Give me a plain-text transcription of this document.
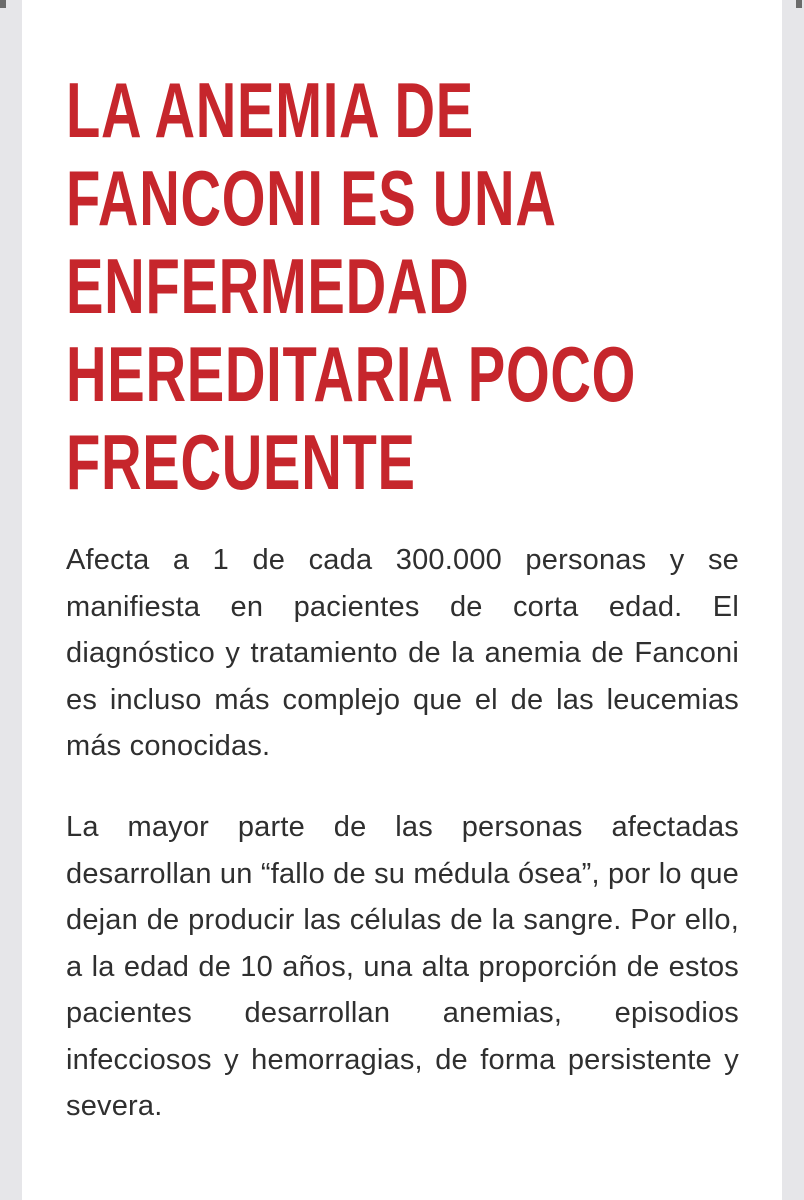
LA ANEMIA DE
FANCONI ES UNA
ENFERMEDAD
HEREDITARIA POCO
FRECUENTE

Afecta a 1 de cada 300.000 personas y se manifiesta en pacientes de corta edad. El diagnóstico y tratamiento de la anemia de Fanconi es incluso más complejo que el de las leucemias más conocidas.

La mayor parte de las personas afectadas desarrollan un “fallo de su médula ósea”, por lo que dejan de producir las células de la sangre. Por ello, a la edad de 10 años, una alta proporción de estos pacientes desarrollan anemias, episodios infecciosos y hemorragias, de forma persistente y severa.
